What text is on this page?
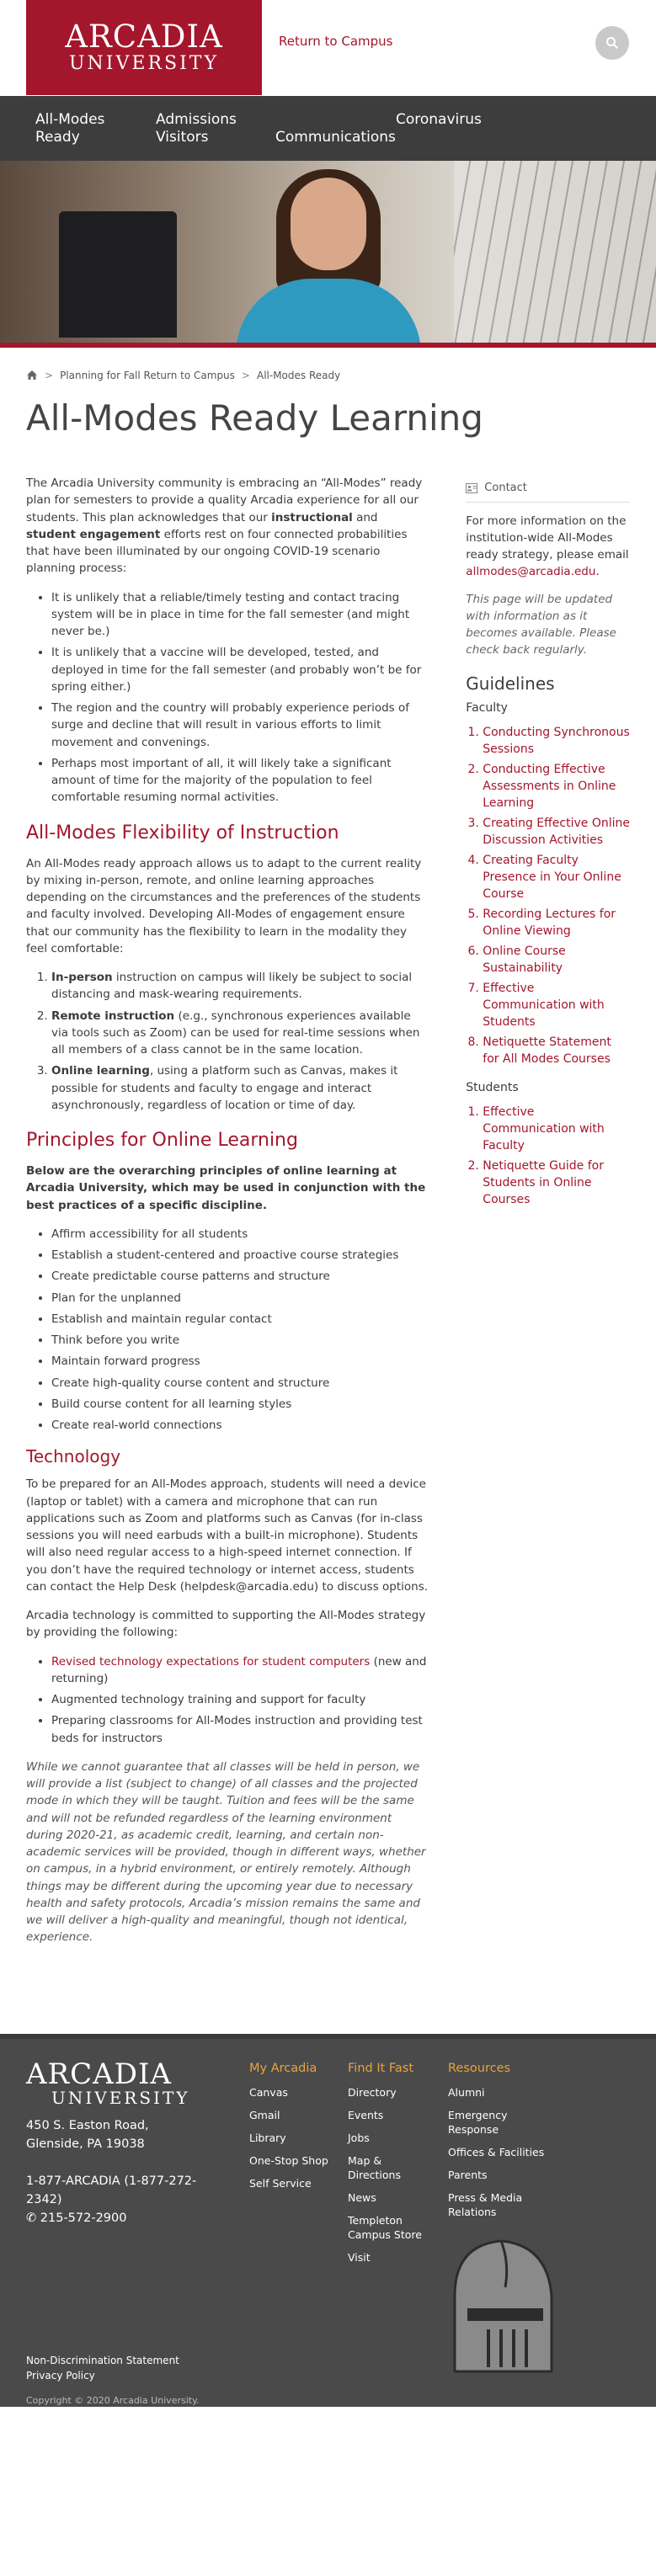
ARCADIA
UNIVERSITY
Return to Campus
All-Modes
Ready
Admissions
Visitors	Communications
Coronavirus
> Planning for Fall Return to Campus > All-Modes Ready
All-Modes Ready Learning

The Arcadia University community is embracing an “All-Modes” ready plan for semesters to provide a quality Arcadia experience for all our students. This plan acknowledges that our instructional and student engagement efforts rest on four connected probabilities that have been illuminated by our ongoing COVID-19 scenario planning process:

• It is unlikely that a reliable/timely testing and contact tracing system will be in place in time for the fall semester (and might never be.)
• It is unlikely that a vaccine will be developed, tested, and deployed in time for the fall semester (and probably won’t be for spring either.)
• The region and the country will probably experience periods of surge and decline that will result in various efforts to limit movement and convenings.
• Perhaps most important of all, it will likely take a significant amount of time for the majority of the population to feel comfortable resuming normal activities.
All-Modes Flexibility of Instruction

An All-Modes ready approach allows us to adapt to the current reality by mixing in-person, remote, and online learning approaches depending on the circumstances and the preferences of the students and faculty involved. Developing All-Modes of engagement ensure that our community has the flexibility to learn in the modality they feel comfortable:

1. In-person instruction on campus will likely be subject to social distancing and mask-wearing requirements.
2. Remote instruction (e.g., synchronous experiences available via tools such as Zoom) can be used for real-time sessions when all members of a class cannot be in the same location.
3. Online learning, using a platform such as Canvas, makes it possible for students and faculty to engage and interact asynchronously, regardless of location or time of day.
Principles for Online Learning

Below are the overarching principles of online learning at Arcadia University, which may be used in conjunction with the best practices of a specific discipline.

• Affirm accessibility for all students
• Establish a student-centered and proactive course strategies
• Create predictable course patterns and structure
• Plan for the unplanned
• Establish and maintain regular contact
• Think before you write
• Maintain forward progress
• Create high-quality course content and structure
• Build course content for all learning styles
• Create real-world connections
Technology

To be prepared for an All-Modes approach, students will need a device (laptop or tablet) with a camera and microphone that can run applications such as Zoom and platforms such as Canvas (for in-class sessions you will need earbuds with a built-in microphone). Students will also need regular access to a high-speed internet connection. If you don’t have the required technology or internet access, students can contact the Help Desk (helpdesk@arcadia.edu) to discuss options.

Arcadia technology is committed to supporting the All-Modes strategy by providing the following:

• Revised technology expectations for student computers (new and returning)
• Augmented technology training and support for faculty
• Preparing classrooms for All-Modes instruction and providing test beds for instructors

While we cannot guarantee that all classes will be held in person, we will provide a list (subject to change) of all classes and the projected mode in which they will be taught. Tuition and fees will be the same and will not be refunded regardless of the learning environment during 2020-21, as academic credit, learning, and certain non-academic services will be provided, though in different ways, whether on campus, in a hybrid environment, or entirely remotely. Although things may be different during the upcoming year due to necessary health and safety protocols, Arcadia’s mission remains the same and we will deliver a high-quality and meaningful, though not identical, experience.

Contact

For more information on the institution-wide All-Modes ready strategy, please email allmodes@arcadia.edu.

This page will be updated with information as it becomes available. Please check back regularly.

Guidelines
Faculty
1. Conducting Synchronous Sessions
2. Conducting Effective Assessments in Online Learning
3. Creating Effective Online Discussion Activities
4. Creating Faculty Presence in Your Online Course
5. Recording Lectures for Online Viewing
6. Online Course Sustainability
7. Effective Communication with Students
8. Netiquette Statement for All Modes Courses
Students
1. Effective Communication with Faculty
2. Netiquette Guide for Students in Online Courses
ARCADIA
UNIVERSITY
450 S. Easton Road, Glenside, PA 19038
1-877-ARCADIA (1-877-272-2342)
✆ 215-572-2900
My Arcadia
Canvas
Gmail
Library
One-Stop Shop
Self Service
Find It Fast
Directory
Events
Jobs
Map & Directions
News
Templeton Campus Store
Visit
Resources
Alumni
Emergency Response
Offices & Facilities
Parents
Press & Media Relations
Non-Discrimination Statement
Privacy Policy
Copyright © 2020 Arcadia University.
